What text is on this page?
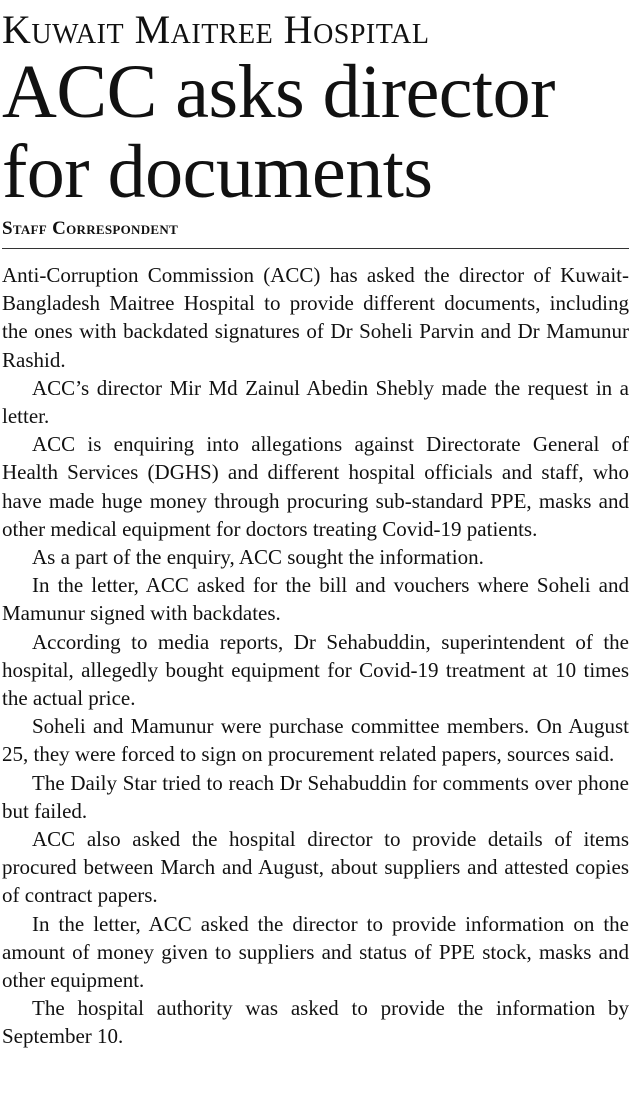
Kuwait Maitree Hospital
ACC asks director
for documents
Staff Correspondent

Anti-Corruption Commission (ACC) has asked the director of Kuwait-Bangladesh Maitree Hospital to provide different documents, including the ones with backdated signatures of Dr Soheli Parvin and Dr Mamunur Rashid.

ACC’s director Mir Md Zainul Abedin Shebly made the request in a letter.

ACC is enquiring into allegations against Directorate General of Health Services (DGHS) and different hospital officials and staff, who have made huge money through procuring sub-standard PPE, masks and other medical equipment for doctors treating Covid-19 patients.

As a part of the enquiry, ACC sought the information.

In the letter, ACC asked for the bill and vouchers where Soheli and Mamunur signed with backdates.

According to media reports, Dr Sehabuddin, superintendent of the hospital, allegedly bought equipment for Covid-19 treatment at 10 times the actual price.

Soheli and Mamunur were purchase committee members. On August 25, they were forced to sign on procurement related papers, sources said.

The Daily Star tried to reach Dr Sehabuddin for comments over phone but failed.

ACC also asked the hospital director to provide details of items procured between March and August, about suppliers and attested copies of contract papers.

In the letter, ACC asked the director to provide information on the amount of money given to suppliers and status of PPE stock, masks and other equipment.

The hospital authority was asked to provide the information by September 10.
